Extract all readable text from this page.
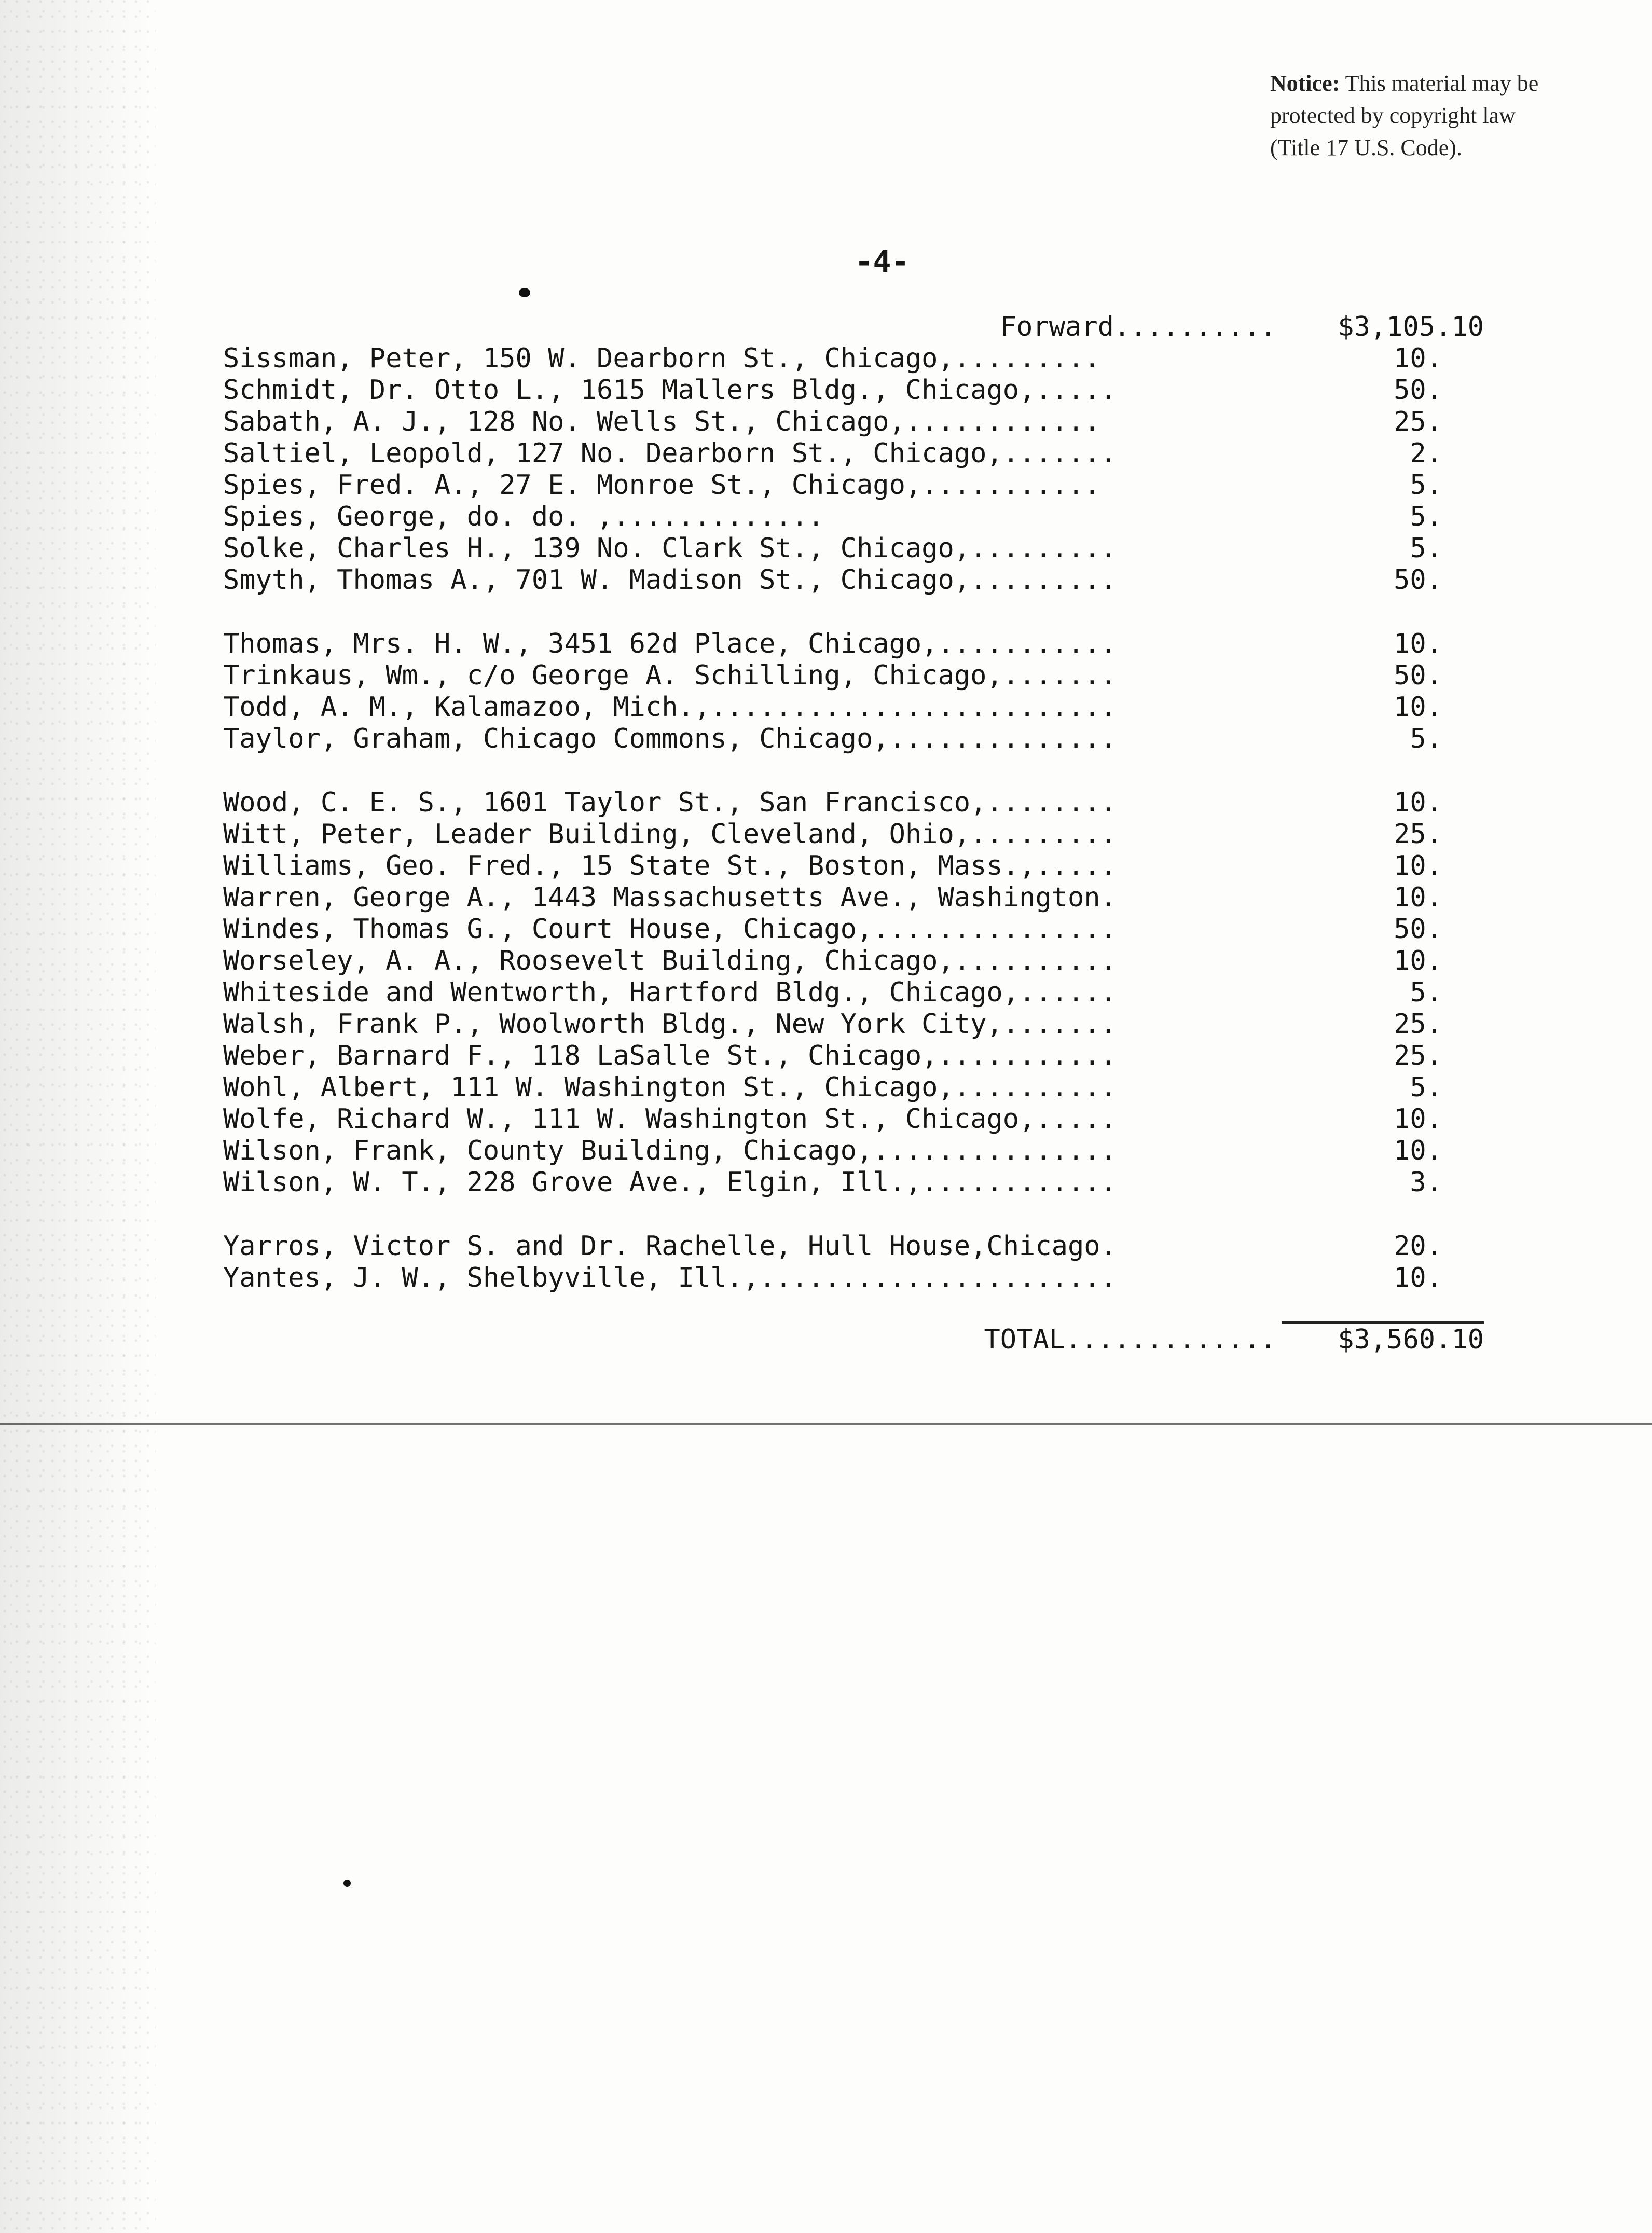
Notice: This material may be
protected by copyright law
(Title 17 U.S. Code).
-4-
Forward..........	$3,105.10
Sissman, Peter, 150 W. Dearborn St., Chicago,.........	10.
Schmidt, Dr. Otto L., 1615 Mallers Bldg., Chicago,.....	50.
Sabath, A. J., 128 No. Wells St., Chicago,............	25.
Saltiel, Leopold, 127 No. Dearborn St., Chicago,.......	2.
Spies, Fred. A., 27 E. Monroe St., Chicago,...........	5.
Spies, George, do. do. ,.............	5.
Solke, Charles H., 139 No. Clark St., Chicago,.........	5.
Smyth, Thomas A., 701 W. Madison St., Chicago,.........	50.
Thomas, Mrs. H. W., 3451 62d Place, Chicago,...........	10.
Trinkaus, Wm., c/o George A. Schilling, Chicago,.......	50.
Todd, A. M., Kalamazoo, Mich.,.........................	10.
Taylor, Graham, Chicago Commons, Chicago,..............	5.
Wood, C. E. S., 1601 Taylor St., San Francisco,........	10.
Witt, Peter, Leader Building, Cleveland, Ohio,.........	25.
Williams, Geo. Fred., 15 State St., Boston, Mass.,.....	10.
Warren, George A., 1443 Massachusetts Ave., Washington.	10.
Windes, Thomas G., Court House, Chicago,...............	50.
Worseley, A. A., Roosevelt Building, Chicago,..........	10.
Whiteside and Wentworth, Hartford Bldg., Chicago,......	5.
Walsh, Frank P., Woolworth Bldg., New York City,.......	25.
Weber, Barnard F., 118 LaSalle St., Chicago,...........	25.
Wohl, Albert, 111 W. Washington St., Chicago,..........	5.
Wolfe, Richard W., 111 W. Washington St., Chicago,.....	10.
Wilson, Frank, County Building, Chicago,...............	10.
Wilson, W. T., 228 Grove Ave., Elgin, Ill.,............	3.
Yarros, Victor S. and Dr. Rachelle, Hull House,Chicago.	20.
Yantes, J. W., Shelbyville, Ill.,......................	10.
TOTAL.............	$3,560.10
